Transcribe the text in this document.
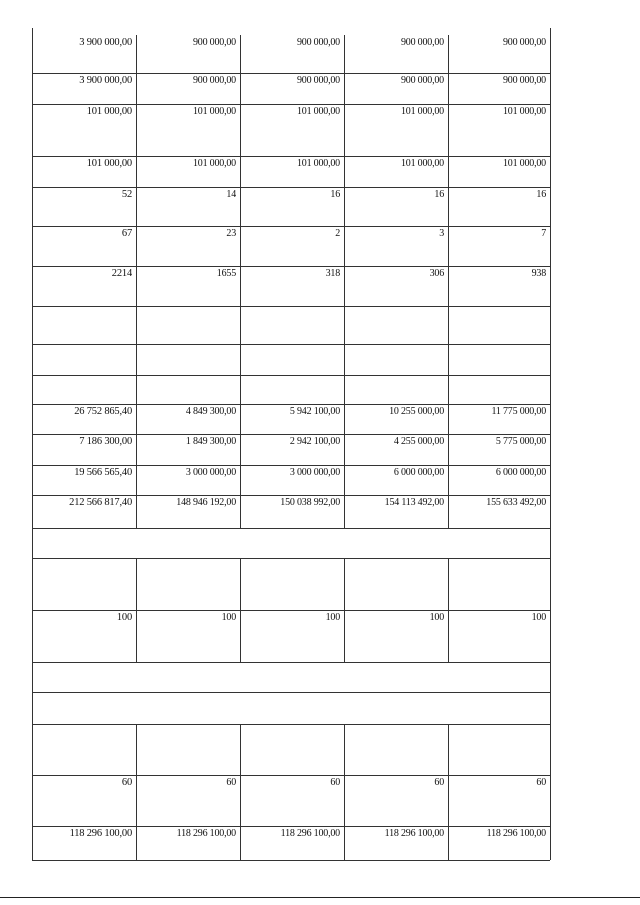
3 900 000,00	900 000,00	900 000,00	900 000,00	900 000,00
3 900 000,00	900 000,00	900 000,00	900 000,00	900 000,00
101 000,00	101 000,00	101 000,00	101 000,00	101 000,00
101 000,00	101 000,00	101 000,00	101 000,00	101 000,00
52	14	16	16	16
67	23	2	3	7
2214	1655	318	306	938
26 752 865,40	4 849 300,00	5 942 100,00	10 255 000,00	11 775 000,00
7 186 300,00	1 849 300,00	2 942 100,00	4 255 000,00	5 775 000,00
19 566 565,40	3 000 000,00	3 000 000,00	6 000 000,00	6 000 000,00
212 566 817,40	148 946 192,00	150 038 992,00	154 113 492,00	155 633 492,00
100	100	100	100	100
60	60	60	60	60
118 296 100,00	118 296 100,00	118 296 100,00	118 296 100,00	118 296 100,00
